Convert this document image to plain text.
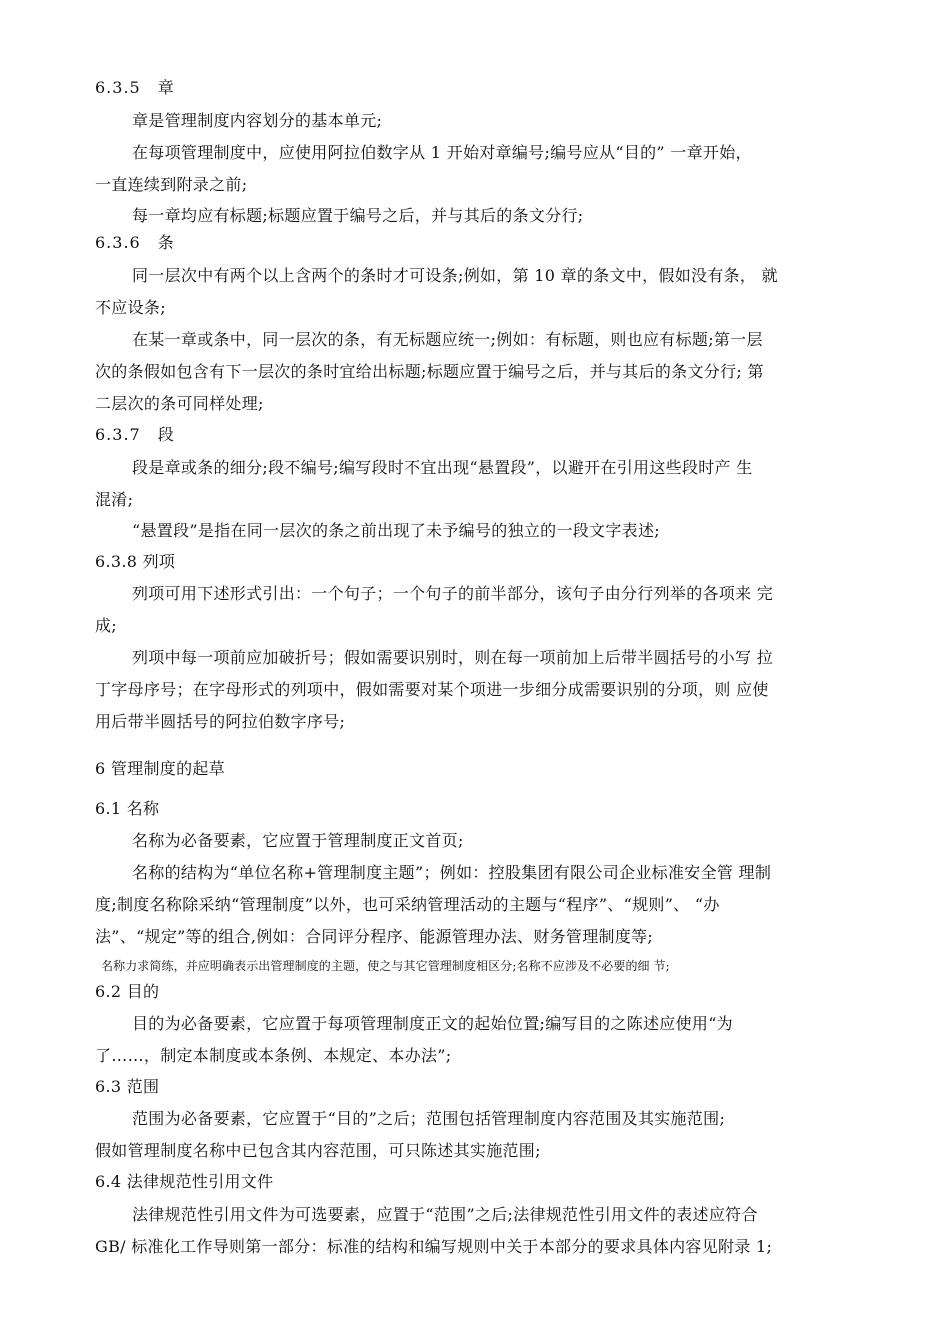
6.3.5　章
章是管理制度内容划分的基本单元;
在每项管理制度中，应使用阿拉伯数字从 1 开始对章编号;编号应从“目的” 一章开始，
一直连续到附录之前;
每一章均应有标题;标题应置于编号之后，并与其后的条文分行;
6.3.6　条
同一层次中有两个以上含两个的条时才可设条;例如，第 10 章的条文中，假如没有条， 就
不应设条;
在某一章或条中，同一层次的条，有无标题应统一;例如：有标题，则也应有标题;第一层
次的条假如包含有下一层次的条时宜给出标题;标题应置于编号之后，并与其后的条文分行; 第
二层次的条可同样处理;
6.3.7　段
段是章或条的细分;段不编号;编写段时不宜出现“悬置段”，以避开在引用这些段时产 生
混淆;
“悬置段”是指在同一层次的条之前出现了未予编号的独立的一段文字表述;
6.3.8 列项
列项可用下述形式引出：一个句子；一个句子的前半部分，该句子由分行列举的各项来 完
成;
列项中每一项前应加破折号；假如需要识别时，则在每一项前加上后带半圆括号的小写 拉
丁字母序号；在字母形式的列项中，假如需要对某个项进一步细分成需要识别的分项，则 应使
用后带半圆括号的阿拉伯数字序号;
6 管理制度的起草
6.1 名称
名称为必备要素，它应置于管理制度正文首页;
名称的结构为“单位名称+管理制度主题”；例如：控股集团有限公司企业标准安全管 理制
度;制度名称除采纳“管理制度”以外，也可采纳管理活动的主题与“程序”、“规则”、 “办
法”、“规定”等的组合,例如：合同评分程序、能源管理办法、财务管理制度等;
名称力求简练，并应明确表示出管理制度的主题，使之与其它管理制度相区分;名称不应涉及不必要的细 节;
6.2 目的
目的为必备要素，它应置于每项管理制度正文的起始位置;编写目的之陈述应使用“为
了……，制定本制度或本条例、本规定、本办法”;
6.3 范围
范围为必备要素，它应置于“目的”之后；范围包括管理制度内容范围及其实施范围;
假如管理制度名称中已包含其内容范围，可只陈述其实施范围;
6.4 法律规范性引用文件
法律规范性引用文件为可选要素，应置于“范围”之后;法律规范性引用文件的表述应符合
GB/ 标准化工作导则第一部分：标准的结构和编写规则中关于本部分的要求具体内容见附录 1;
